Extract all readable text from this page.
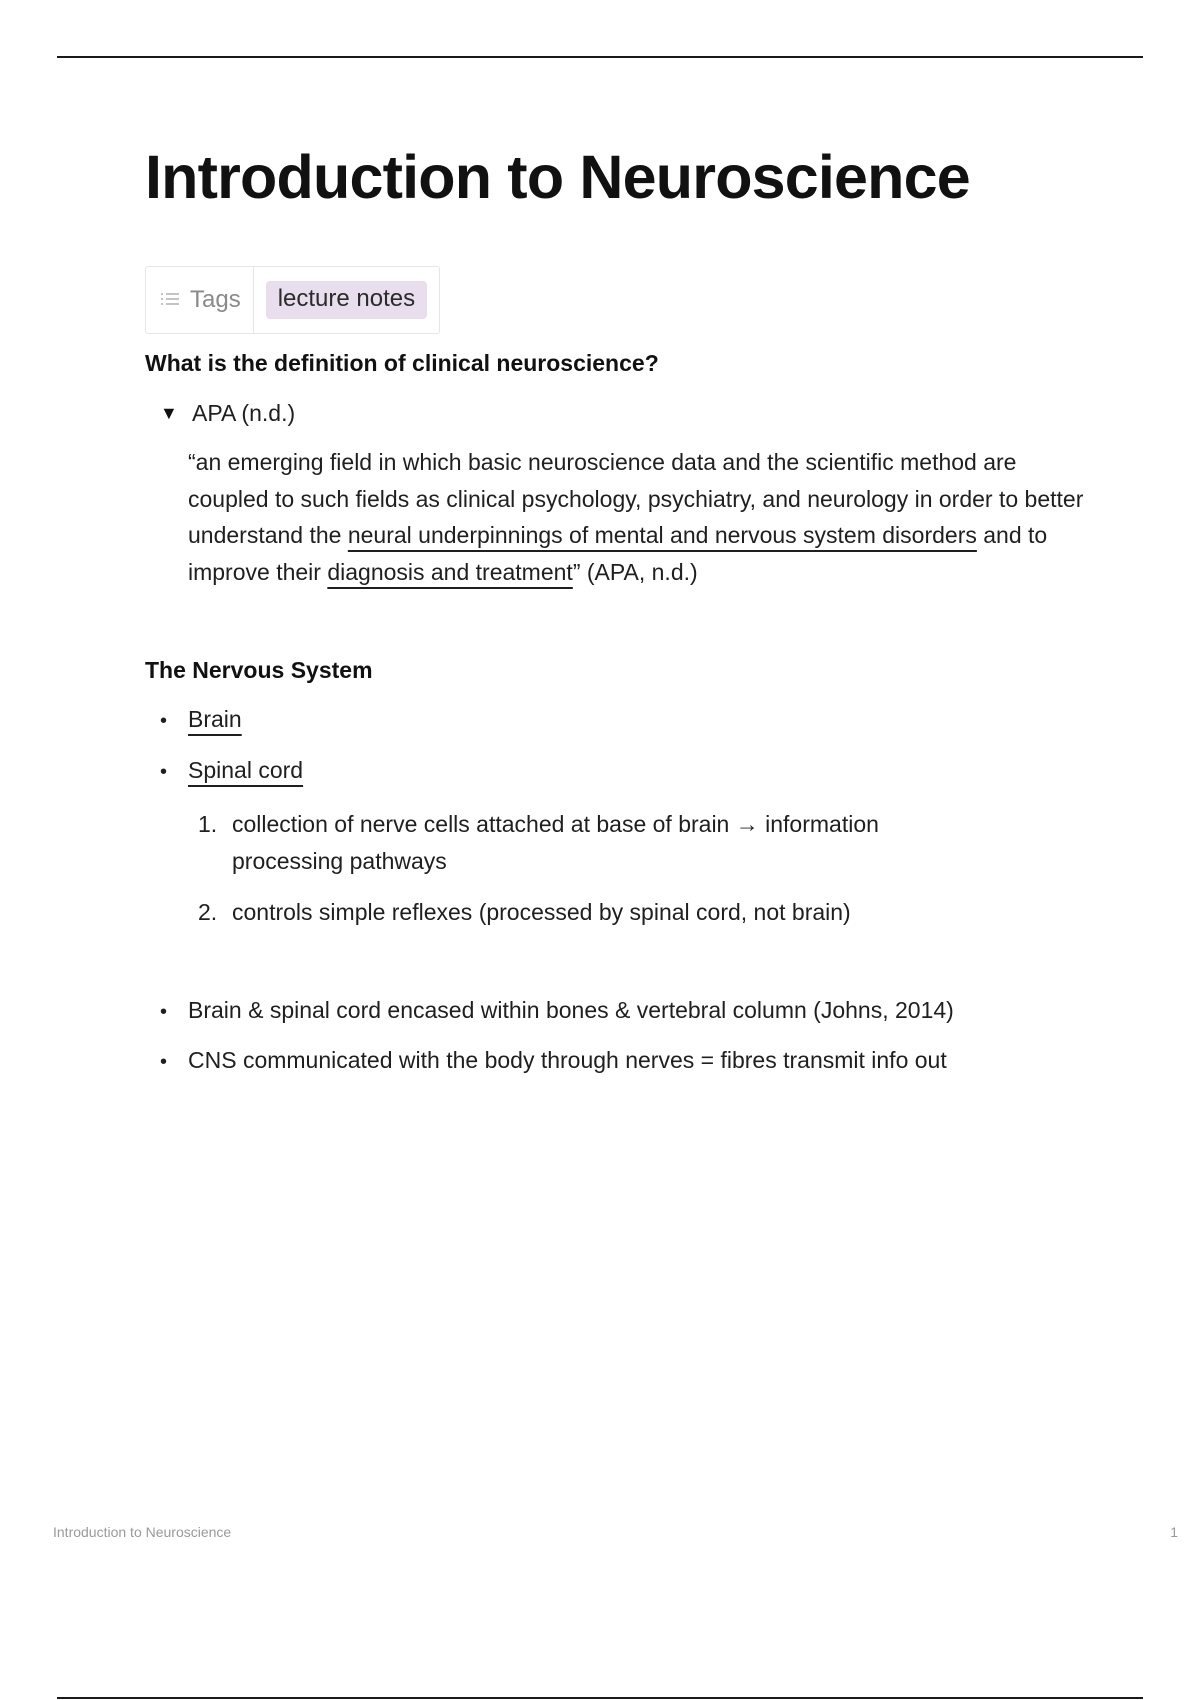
Introduction to Neuroscience
Tags	lecture notes
What is the definition of clinical neuroscience?
▼ APA (n.d.)

“an emerging field in which basic neuroscience data and the scientific method are coupled to such fields as clinical psychology, psychiatry, and neurology in order to better understand the neural underpinnings of mental and nervous system disorders and to improve their diagnosis and treatment” (APA, n.d.)

The Nervous System
• Brain
• Spinal cord
1. collection of nerve cells attached at base of brain → information processing pathways
2. controls simple reflexes (processed by spinal cord, not brain)
• Brain & spinal cord encased within bones & vertebral column (Johns, 2014)
• CNS communicated with the body through nerves = fibres transmit info out
Introduction to Neuroscience	1
